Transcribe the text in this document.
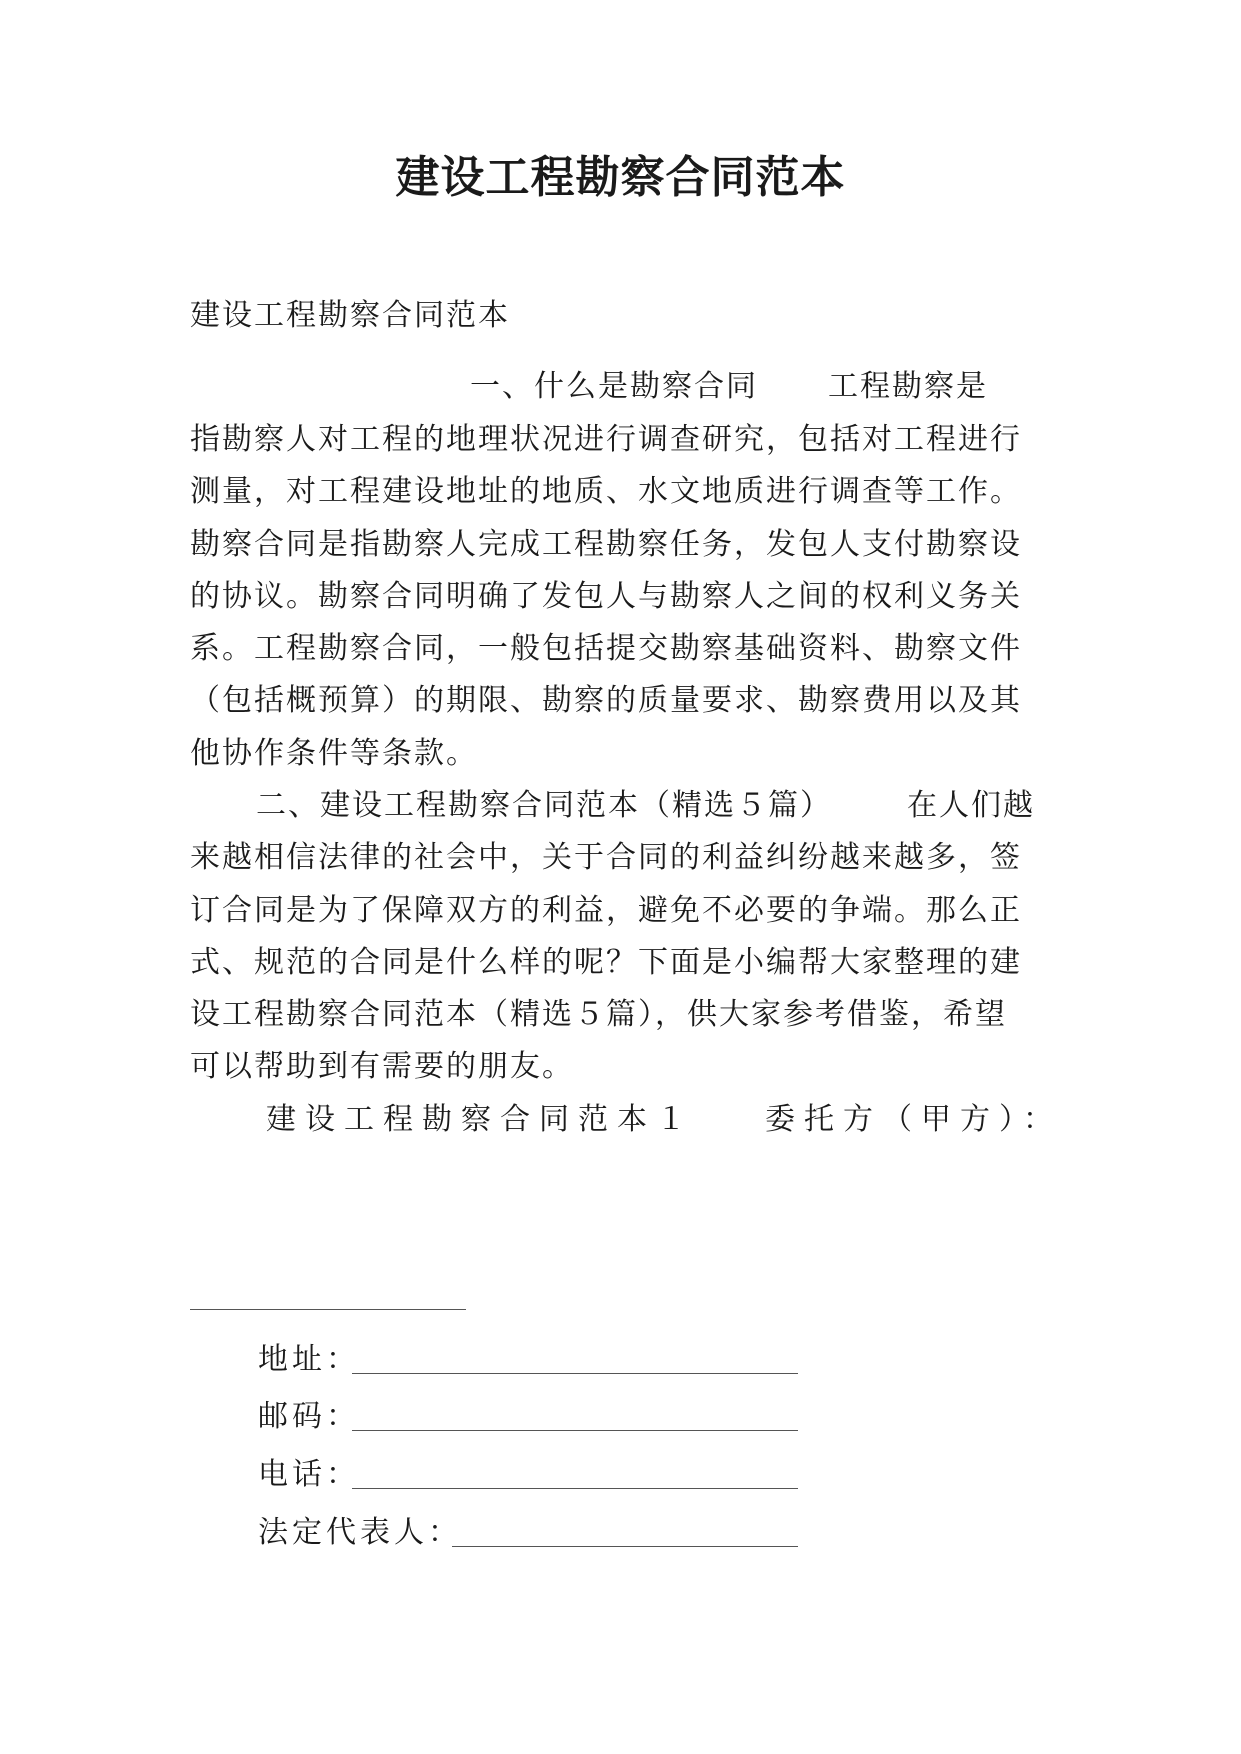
建设工程勘察合同范本
建设工程勘察合同范本
一、什么是勘察合同 工程勘察是
指勘察人对工程的地理状况进行调查研究，包括对工程进行
测量，对工程建设地址的地质、水文地质进行调查等工作。
勘察合同是指勘察人完成工程勘察任务，发包人支付勘察设
的协议。勘察合同明确了发包人与勘察人之间的权利义务关
系。工程勘察合同，一般包括提交勘察基础资料、勘察文件
（包括概预算）的期限、勘察的质量要求、勘察费用以及其
他协作条件等条款。
二、建设工程勘察合同范本（精选５篇）	在人们越
来越相信法律的社会中，关于合同的利益纠纷越来越多，签
订合同是为了保障双方的利益，避免不必要的争端。那么正
式、规范的合同是什么样的呢？下面是小编帮大家整理的建
设工程勘察合同范本（精选５篇），供大家参考借鉴，希望
可以帮助到有需要的朋友。
建设工程勘察合同范本１ 委托方（甲方）：
地址：
邮码：
电话：
法定代表人：
